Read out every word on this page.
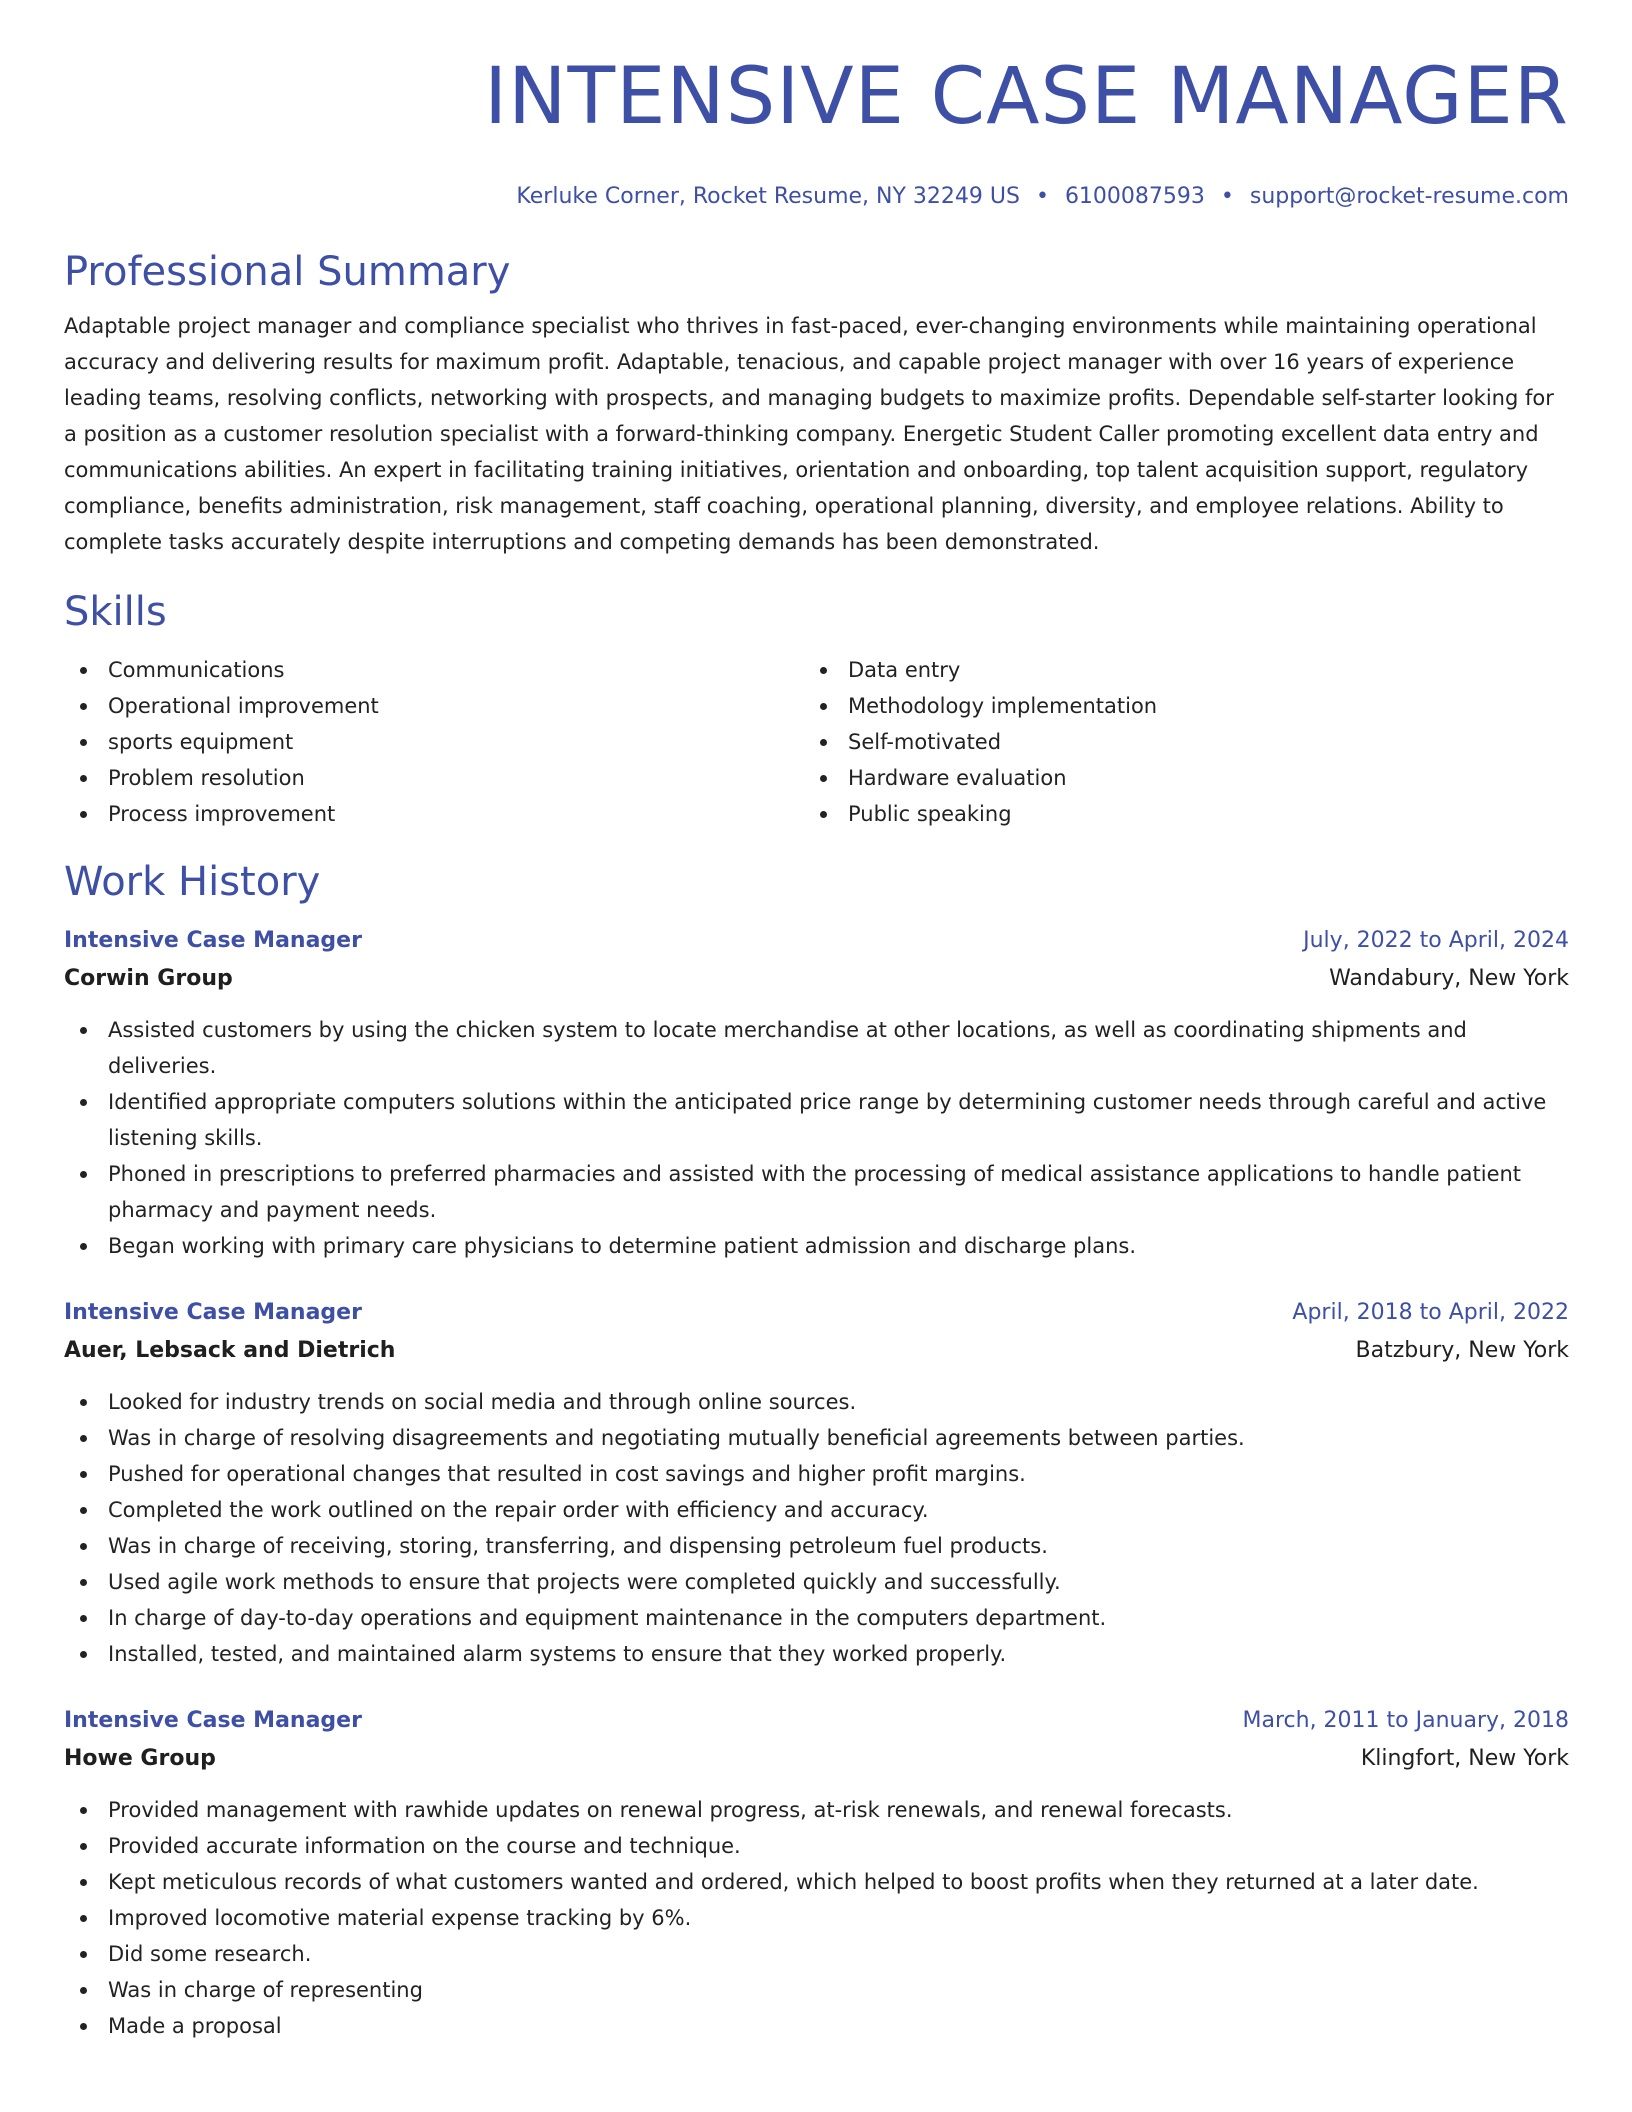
INTENSIVE CASE MANAGER
Kerluke Corner, Rocket Resume, NY 32249 US • 6100087593 • support@rocket-resume.com
Professional Summary
Adaptable project manager and compliance specialist who thrives in fast-paced, ever-changing environments while maintaining operational accuracy and delivering results for maximum profit. Adaptable, tenacious, and capable project manager with over 16 years of experience leading teams, resolving conflicts, networking with prospects, and managing budgets to maximize profits. Dependable self-starter looking for a position as a customer resolution specialist with a forward-thinking company. Energetic Student Caller promoting excellent data entry and communications abilities. An expert in facilitating training initiatives, orientation and onboarding, top talent acquisition support, regulatory compliance, benefits administration, risk management, staff coaching, operational planning, diversity, and employee relations. Ability to complete tasks accurately despite interruptions and competing demands has been demonstrated.
Skills
Communications
Operational improvement
sports equipment
Problem resolution
Process improvement
Data entry
Methodology implementation
Self-motivated
Hardware evaluation
Public speaking
Work History
Intensive Case Manager	July, 2022 to April, 2024
Corwin Group	Wandabury, New York
Assisted customers by using the chicken system to locate merchandise at other locations, as well as coordinating shipments and deliveries.
Identified appropriate computers solutions within the anticipated price range by determining customer needs through careful and active listening skills.
Phoned in prescriptions to preferred pharmacies and assisted with the processing of medical assistance applications to handle patient pharmacy and payment needs.
Began working with primary care physicians to determine patient admission and discharge plans.
Intensive Case Manager	April, 2018 to April, 2022
Auer, Lebsack and Dietrich	Batzbury, New York
Looked for industry trends on social media and through online sources.
Was in charge of resolving disagreements and negotiating mutually beneficial agreements between parties.
Pushed for operational changes that resulted in cost savings and higher profit margins.
Completed the work outlined on the repair order with efficiency and accuracy.
Was in charge of receiving, storing, transferring, and dispensing petroleum fuel products.
Used agile work methods to ensure that projects were completed quickly and successfully.
In charge of day-to-day operations and equipment maintenance in the computers department.
Installed, tested, and maintained alarm systems to ensure that they worked properly.
Intensive Case Manager	March, 2011 to January, 2018
Howe Group	Klingfort, New York
Provided management with rawhide updates on renewal progress, at-risk renewals, and renewal forecasts.
Provided accurate information on the course and technique.
Kept meticulous records of what customers wanted and ordered, which helped to boost profits when they returned at a later date.
Improved locomotive material expense tracking by 6%.
Did some research.
Was in charge of representing
Made a proposal
